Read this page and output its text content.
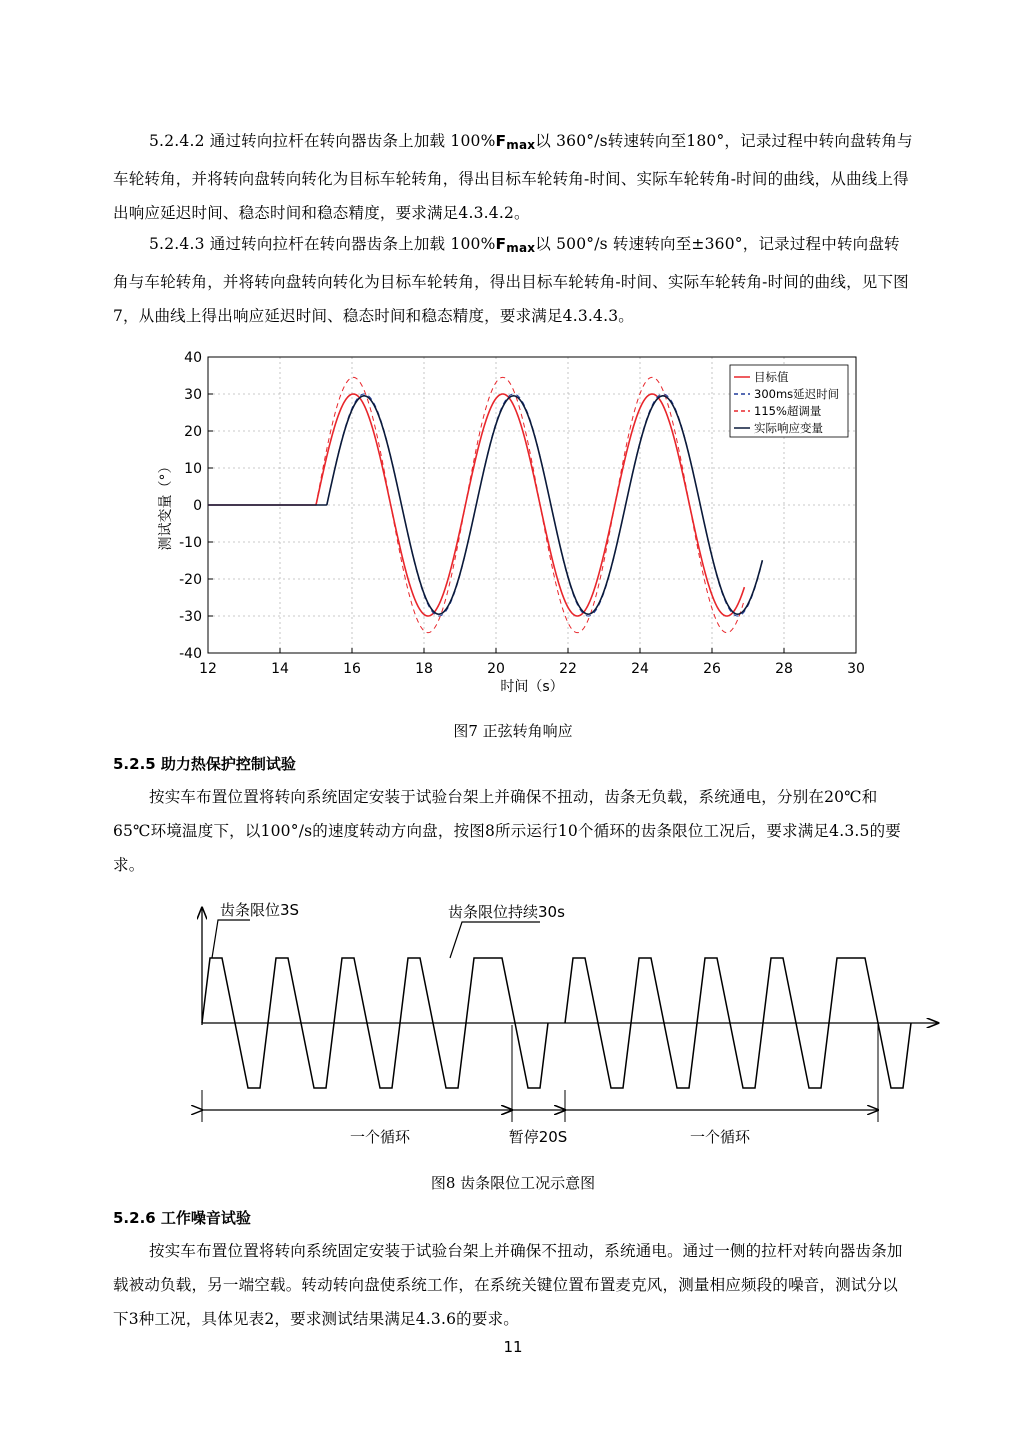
5.2.4.2 通过转向拉杆在转向器齿条上加载 $100\%F_{max}$以 360°/s转速转向至180°，记录过程中转向盘转角与车轮转角，并将转向盘转向转化为目标车轮转角，得出目标车轮转角-时间、实际车轮转角-时间的曲线，从曲线上得出响应延迟时间、稳态时间和稳态精度，要求满足4.3.4.2。
5.2.4.3 通过转向拉杆在转向器齿条上加载 $100\%F_{max}$以 500°/s 转速转向至±360°，记录过程中转向盘转角与车轮转角，并将转向盘转向转化为目标车轮转角，得出目标车轮转角-时间、实际车轮转角-时间的曲线，见下图7，从曲线上得出响应延迟时间、稳态时间和稳态精度，要求满足4.3.4.3。
12	14	16	18	20	22	24	26	28	30
40
30
20
10
0
-10
-20
-30
-40
目标值
300ms延迟时间
115%超调量
实际响应变量
时间（s）
测试变量（°）
图7 正弦转角响应
5.2.5 助力热保护控制试验
按实车布置位置将转向系统固定安装于试验台架上并确保不扭动，齿条无负载，系统通电，分别在20℃和65℃环境温度下，以100°/s的速度转动方向盘，按图8所示运行10个循环的齿条限位工况后，要求满足4.3.5的要求。
齿条限位3S	齿条限位持续30s
一个循环	暂停20S	一个循环
图8 齿条限位工况示意图
5.2.6 工作噪音试验
按实车布置位置将转向系统固定安装于试验台架上并确保不扭动，系统通电。通过一侧的拉杆对转向器齿条加载被动负载，另一端空载。转动转向盘使系统工作，在系统关键位置布置麦克风，测量相应频段的噪音，测试分以下3种工况，具体见表2，要求测试结果满足4.3.6的要求。
11
